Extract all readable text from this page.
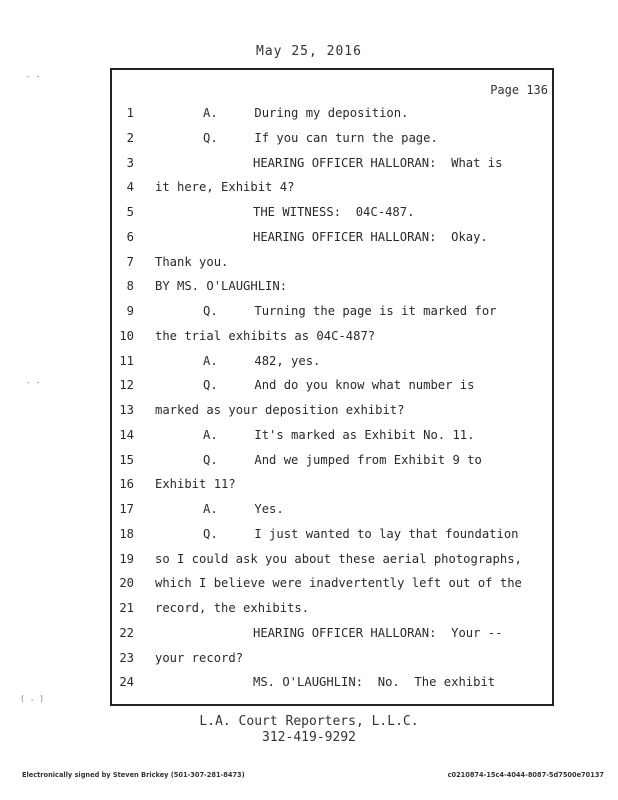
May 25, 2016
Page 136
1	A.     During my deposition.
2	Q.     If you can turn the page.
3	HEARING OFFICER HALLORAN:  What is
4 it here, Exhibit 4?
5	THE WITNESS:  04C-487.
6	HEARING OFFICER HALLORAN:  Okay.
7 Thank you.
8 BY MS. O'LAUGHLIN:
9	Q.     Turning the page is it marked for
10 the trial exhibits as 04C-487?
11	A.     482, yes.
12	Q.     And do you know what number is
13 marked as your deposition exhibit?
14	A.     It's marked as Exhibit No. 11.
15	Q.     And we jumped from Exhibit 9 to
16 Exhibit 11?
17	A.     Yes.
18	Q.     I just wanted to lay that foundation
19 so I could ask you about these aerial photographs,
20 which I believe were inadvertently left out of the
21 record, the exhibits.
22	HEARING OFFICER HALLORAN:  Your --
23 your record?
24	MS. O'LAUGHLIN:  No.  The exhibit
L.A. Court Reporters, L.L.C.
312-419-9292
Electronically signed by Steven Brickey (501-307-281-8473)	c0210874-15c4-4044-8087-5d7500e70137
- -
- -
( . )
